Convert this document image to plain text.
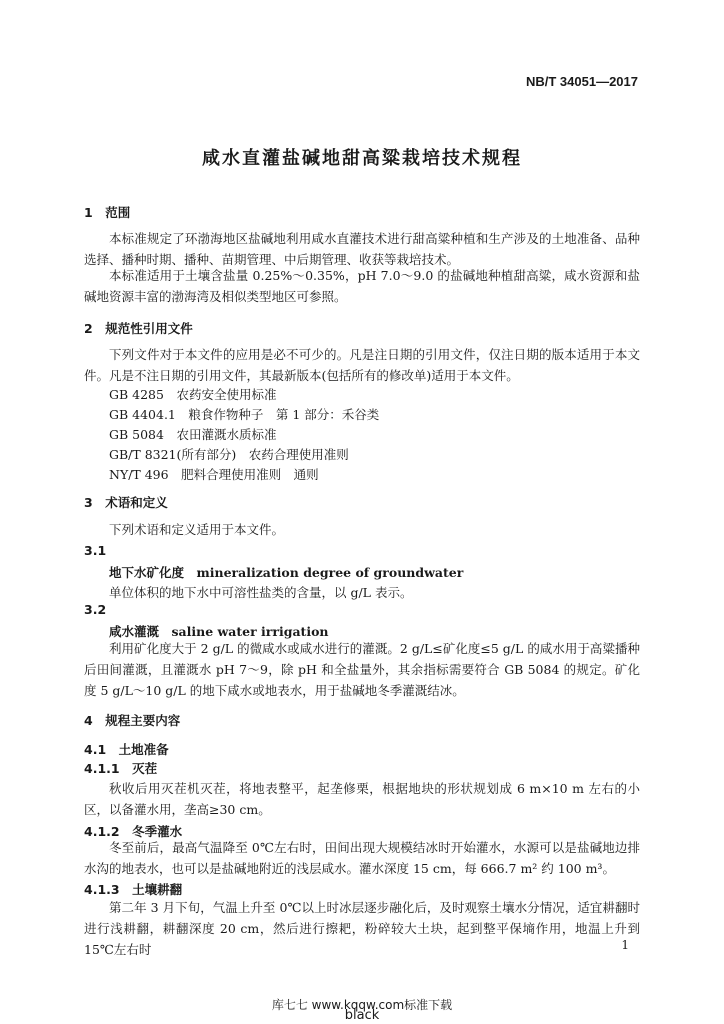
NB/T 34051—2017
咸水直灌盐碱地甜高粱栽培技术规程
1　范围
本标准规定了环渤海地区盐碱地利用咸水直灌技术进行甜高粱种植和生产涉及的土地准备、品种选择、播种时期、播种、苗期管理、中后期管理、收获等栽培技术。
本标准适用于土壤含盐量 0.25%～0.35%，pH 7.0～9.0 的盐碱地种植甜高粱，咸水资源和盐碱地资源丰富的渤海湾及相似类型地区可参照。
2　规范性引用文件
下列文件对于本文件的应用是必不可少的。凡是注日期的引用文件，仅注日期的版本适用于本文件。凡是不注日期的引用文件，其最新版本(包括所有的修改单)适用于本文件。
GB 4285　农药安全使用标准
GB 4404.1　粮食作物种子　第 1 部分：禾谷类
GB 5084　农田灌溉水质标准
GB/T 8321(所有部分)　农药合理使用准则
NY/T 496　肥料合理使用准则　通则
3　术语和定义
下列术语和定义适用于本文件。
3.1
地下水矿化度　mineralization degree of groundwater
单位体积的地下水中可溶性盐类的含量，以 g/L 表示。
3.2
咸水灌溉　saline water irrigation
利用矿化度大于 2 g/L 的微咸水或咸水进行的灌溉。2 g/L≤矿化度≤5 g/L 的咸水用于高粱播种后田间灌溉，且灌溉水 pH 7～9，除 pH 和全盐量外，其余指标需要符合 GB 5084 的规定。矿化度 5 g/L～10 g/L 的地下咸水或地表水，用于盐碱地冬季灌溉结冰。
4　规程主要内容
4.1　土地准备
4.1.1　灭茬
秋收后用灭茬机灭茬，将地表整平，起垄修栗，根据地块的形状规划成 6 m×10 m 左右的小区，以备灌水用，垄高≥30 cm。
4.1.2　冬季灌水
冬至前后，最高气温降至 0℃左右时，田间出现大规模结冰时开始灌水，水源可以是盐碱地边排水沟的地表水，也可以是盐碱地附近的浅层咸水。灌水深度 15 cm，每 666.7 m² 约 100 m³。
4.1.3　土壤耕翻
第二年 3 月下旬，气温上升至 0℃以上时冰层逐步融化后，及时观察土壤水分情况，适宜耕翻时进行浅耕翻，耕翻深度 20 cm，然后进行擦耙，粉碎较大土块，起到整平保墒作用，地温上升到 15℃左右时	1
库七七 www.kqqw.com标准下载
black
